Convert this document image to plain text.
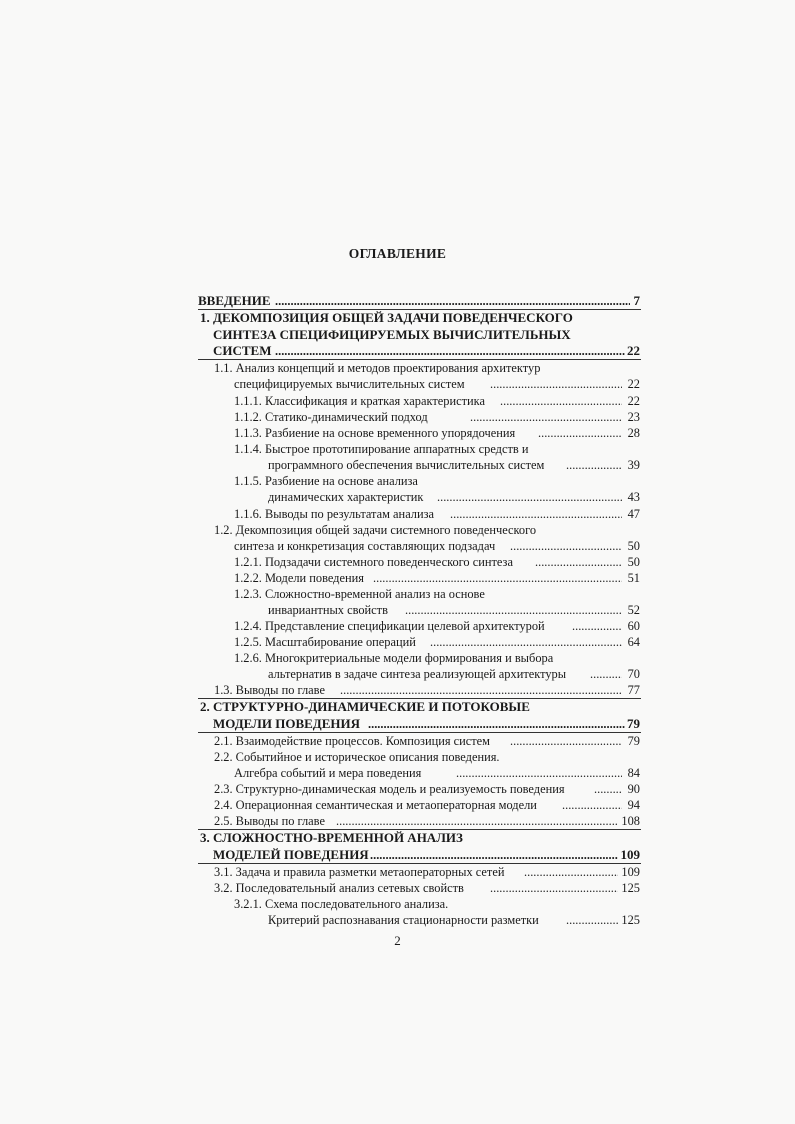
ОГЛАВЛЕНИЕ
ВВЕДЕНИЕ .....	7
1. ДЕКОМПОЗИЦИЯ ОБЩЕЙ ЗАДАЧИ ПОВЕДЕНЧЕСКОГО
СИНТЕЗА СПЕЦИФИЦИРУЕМЫХ ВЫЧИСЛИТЕЛЬНЫХ
СИСТЕМ .....	22
1.1. Анализ концепций и методов проектирования архитектур
специфицируемых вычислительных систем .....	22
1.1.1. Классификация и краткая характеристика .....	22
1.1.2. Статико-динамический подход .....	23
1.1.3. Разбиение на основе временного упорядочения .....	28
1.1.4. Быстрое прототипирование аппаратных средств и
программного обеспечения вычислительных систем .....	39
1.1.5. Разбиение на основе анализа
динамических характеристик .....	43
1.1.6. Выводы по результатам анализа .....	47
1.2. Декомпозиция общей задачи системного поведенческого
синтеза и конкретизация составляющих подзадач .....	50
1.2.1. Подзадачи системного поведенческого синтеза .....	50
1.2.2. Модели поведения .....	51
1.2.3. Сложностно-временной анализ на основе
инвариантных свойств .....	52
1.2.4. Представление спецификации целевой архитектурой .....	60
1.2.5. Масштабирование операций .....	64
1.2.6. Многокритериальные модели формирования и выбора
альтернатив в задаче синтеза реализующей архитектуры .....	70
1.3. Выводы по главе .....	77
2. СТРУКТУРНО-ДИНАМИЧЕСКИЕ И ПОТОКОВЫЕ
МОДЕЛИ ПОВЕДЕНИЯ .....	79
2.1. Взаимодействие процессов. Композиция систем .....	79
2.2. Событийное и историческое описания поведения.
Алгебра событий и мера поведения .....	84
2.3. Структурно-динамическая модель и реализуемость поведения .....	90
2.4. Операционная семантическая и метаоператорная модели .....	94
2.5. Выводы по главе .....	108
3. СЛОЖНОСТНО-ВРЕМЕННОЙ АНАЛИЗ
МОДЕЛЕЙ ПОВЕДЕНИЯ .....	109
3.1. Задача и правила разметки метаоператорных сетей .....	109
3.2. Последовательный анализ сетевых свойств .....	125
3.2.1. Схема последовательного анализа.
Критерий распознавания стационарности разметки .....	125
2
